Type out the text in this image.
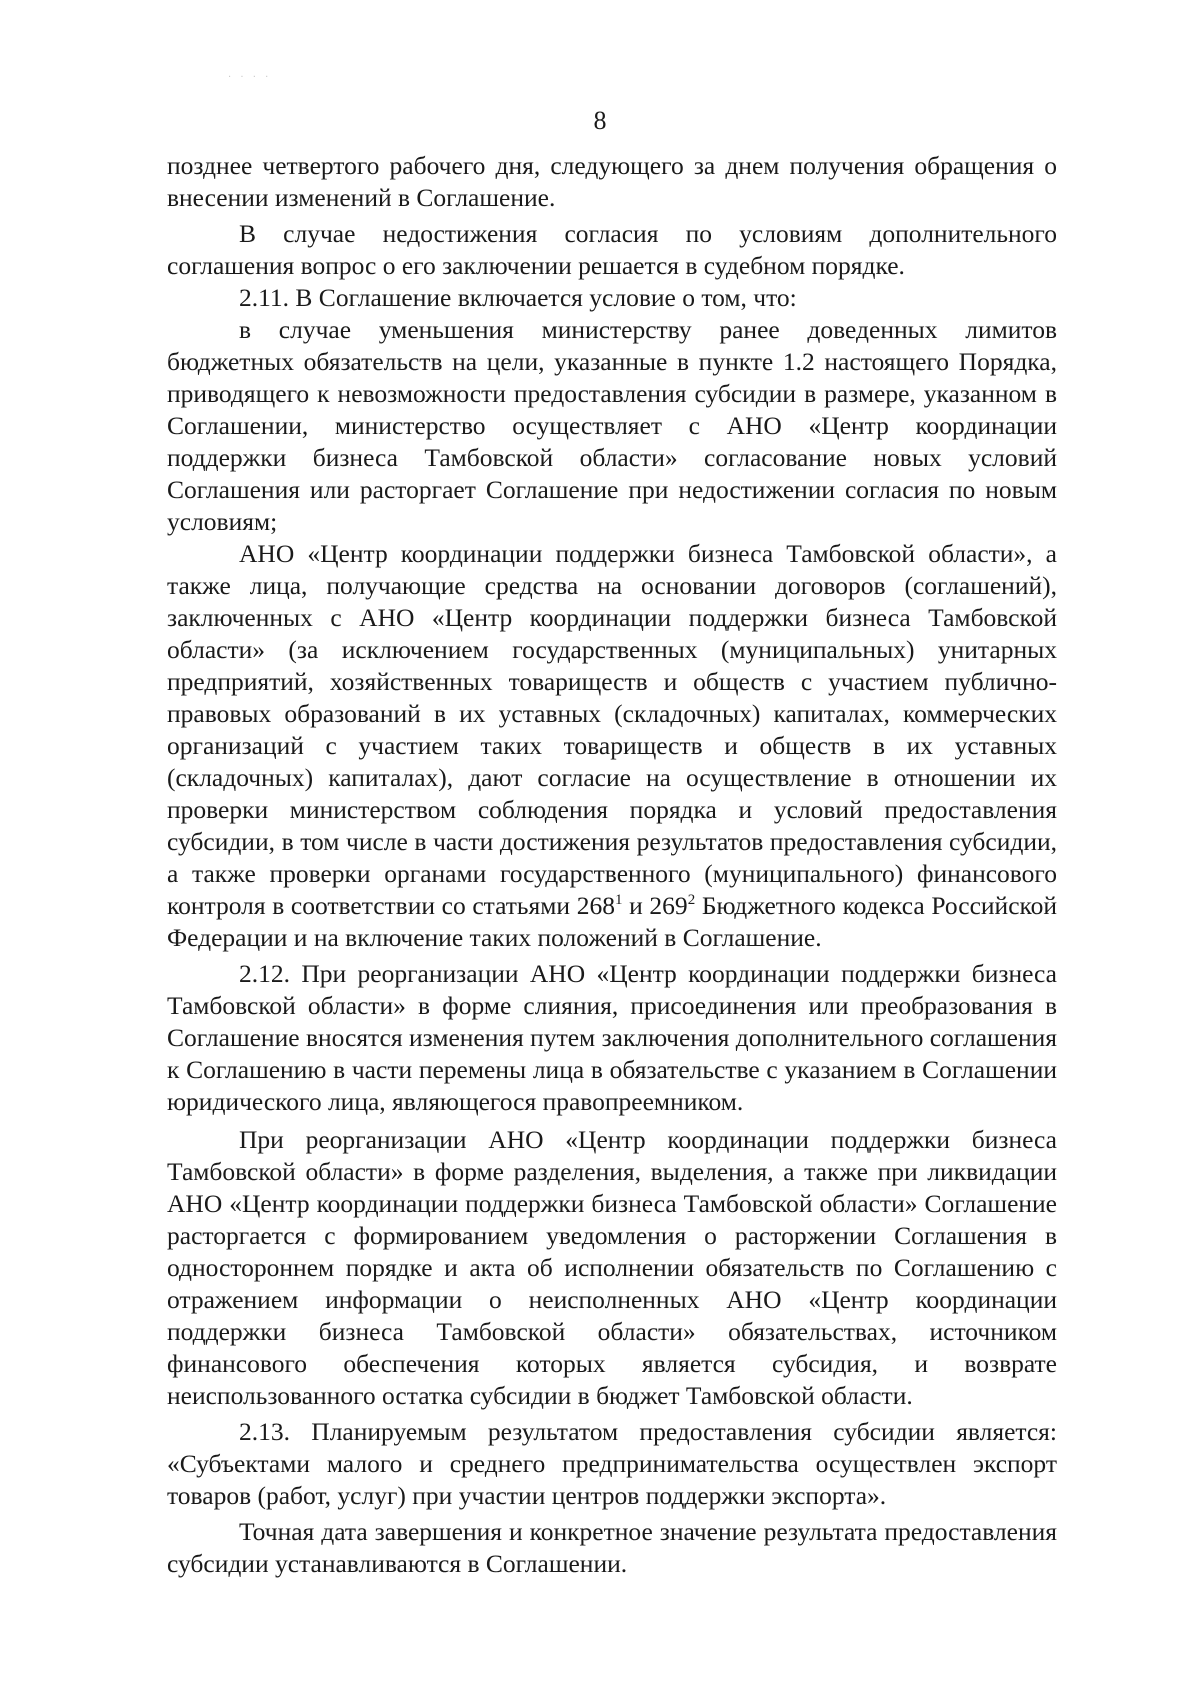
· · · ·
8

позднее четвертого рабочего дня, следующего за днем получения обращения о внесении изменений в Соглашение.

В случае недостижения согласия по условиям дополнительного соглашения вопрос о его заключении решается в судебном порядке.

2.11. В Соглашение включается условие о том, что:

в случае уменьшения министерству ранее доведенных лимитов бюджетных обязательств на цели, указанные в пункте 1.2 настоящего Порядка, приводящего к невозможности предоставления субсидии в размере, указанном в Соглашении, министерство осуществляет с АНО «Центр координации поддержки бизнеса Тамбовской области» согласование новых условий Соглашения или расторгает Соглашение при недостижении согласия по новым условиям;

АНО «Центр координации поддержки бизнеса Тамбовской области», а также лица, получающие средства на основании договоров (соглашений), заключенных с АНО «Центр координации поддержки бизнеса Тамбовской области» (за исключением государственных (муниципальных) унитарных предприятий, хозяйственных товариществ и обществ с участием публично-правовых образований в их уставных (складочных) капиталах, коммерческих организаций с участием таких товариществ и обществ в их уставных (складочных) капиталах), дают согласие на осуществление в отношении их проверки министерством соблюдения порядка и условий предоставления субсидии, в том числе в части достижения результатов предоставления субсидии, а также проверки органами государственного (муниципального) финансового контроля в соответствии со статьями $268^1$ и $269^2$ Бюджетного кодекса Российской Федерации и на включение таких положений в Соглашение.

2.12. При реорганизации АНО «Центр координации поддержки бизнеса Тамбовской области» в форме слияния, присоединения или преобразования в Соглашение вносятся изменения путем заключения дополнительного соглашения к Соглашению в части перемены лица в обязательстве с указанием в Соглашении юридического лица, являющегося правопреемником.

При реорганизации АНО «Центр координации поддержки бизнеса Тамбовской области» в форме разделения, выделения, а также при ликвидации АНО «Центр координации поддержки бизнеса Тамбовской области» Соглашение расторгается с формированием уведомления о расторжении Соглашения в одностороннем порядке и акта об исполнении обязательств по Соглашению с отражением информации о неисполненных АНО «Центр координации поддержки бизнеса Тамбовской области» обязательствах, источником финансового обеспечения которых является субсидия, и возврате неиспользованного остатка субсидии в бюджет Тамбовской области.

2.13. Планируемым результатом предоставления субсидии является: «Субъектами малого и среднего предпринимательства осуществлен экспорт товаров (работ, услуг) при участии центров поддержки экспорта».

Точная дата завершения и конкретное значение результата предоставления субсидии устанавливаются в Соглашении.
